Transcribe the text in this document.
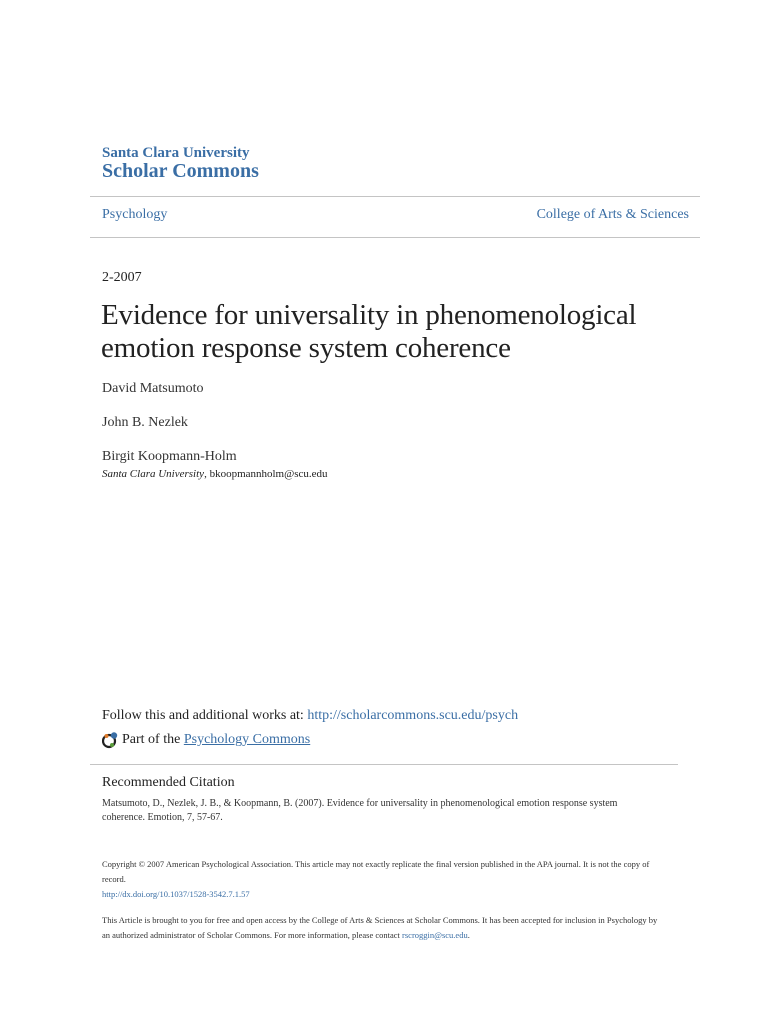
Santa Clara University
Scholar Commons
Psychology	College of Arts & Sciences
2-2007
Evidence for universality in phenomenological emotion response system coherence
David Matsumoto
John B. Nezlek
Birgit Koopmann-Holm
Santa Clara University, bkoopmannholm@scu.edu
Follow this and additional works at: http://scholarcommons.scu.edu/psych
Part of the
Psychology Commons
Recommended Citation
Matsumoto, D., Nezlek, J. B., & Koopmann, B. (2007). Evidence for universality in phenomenological emotion response system coherence. Emotion, 7, 57-67.
Copyright © 2007 American Psychological Association. This article may not exactly replicate the final version published in the APA journal. It is not the copy of record.
http://dx.doi.org/10.1037/1528-3542.7.1.57
This Article is brought to you for free and open access by the College of Arts & Sciences at Scholar Commons. It has been accepted for inclusion in Psychology by an authorized administrator of Scholar Commons. For more information, please contact rscroggin@scu.edu.
